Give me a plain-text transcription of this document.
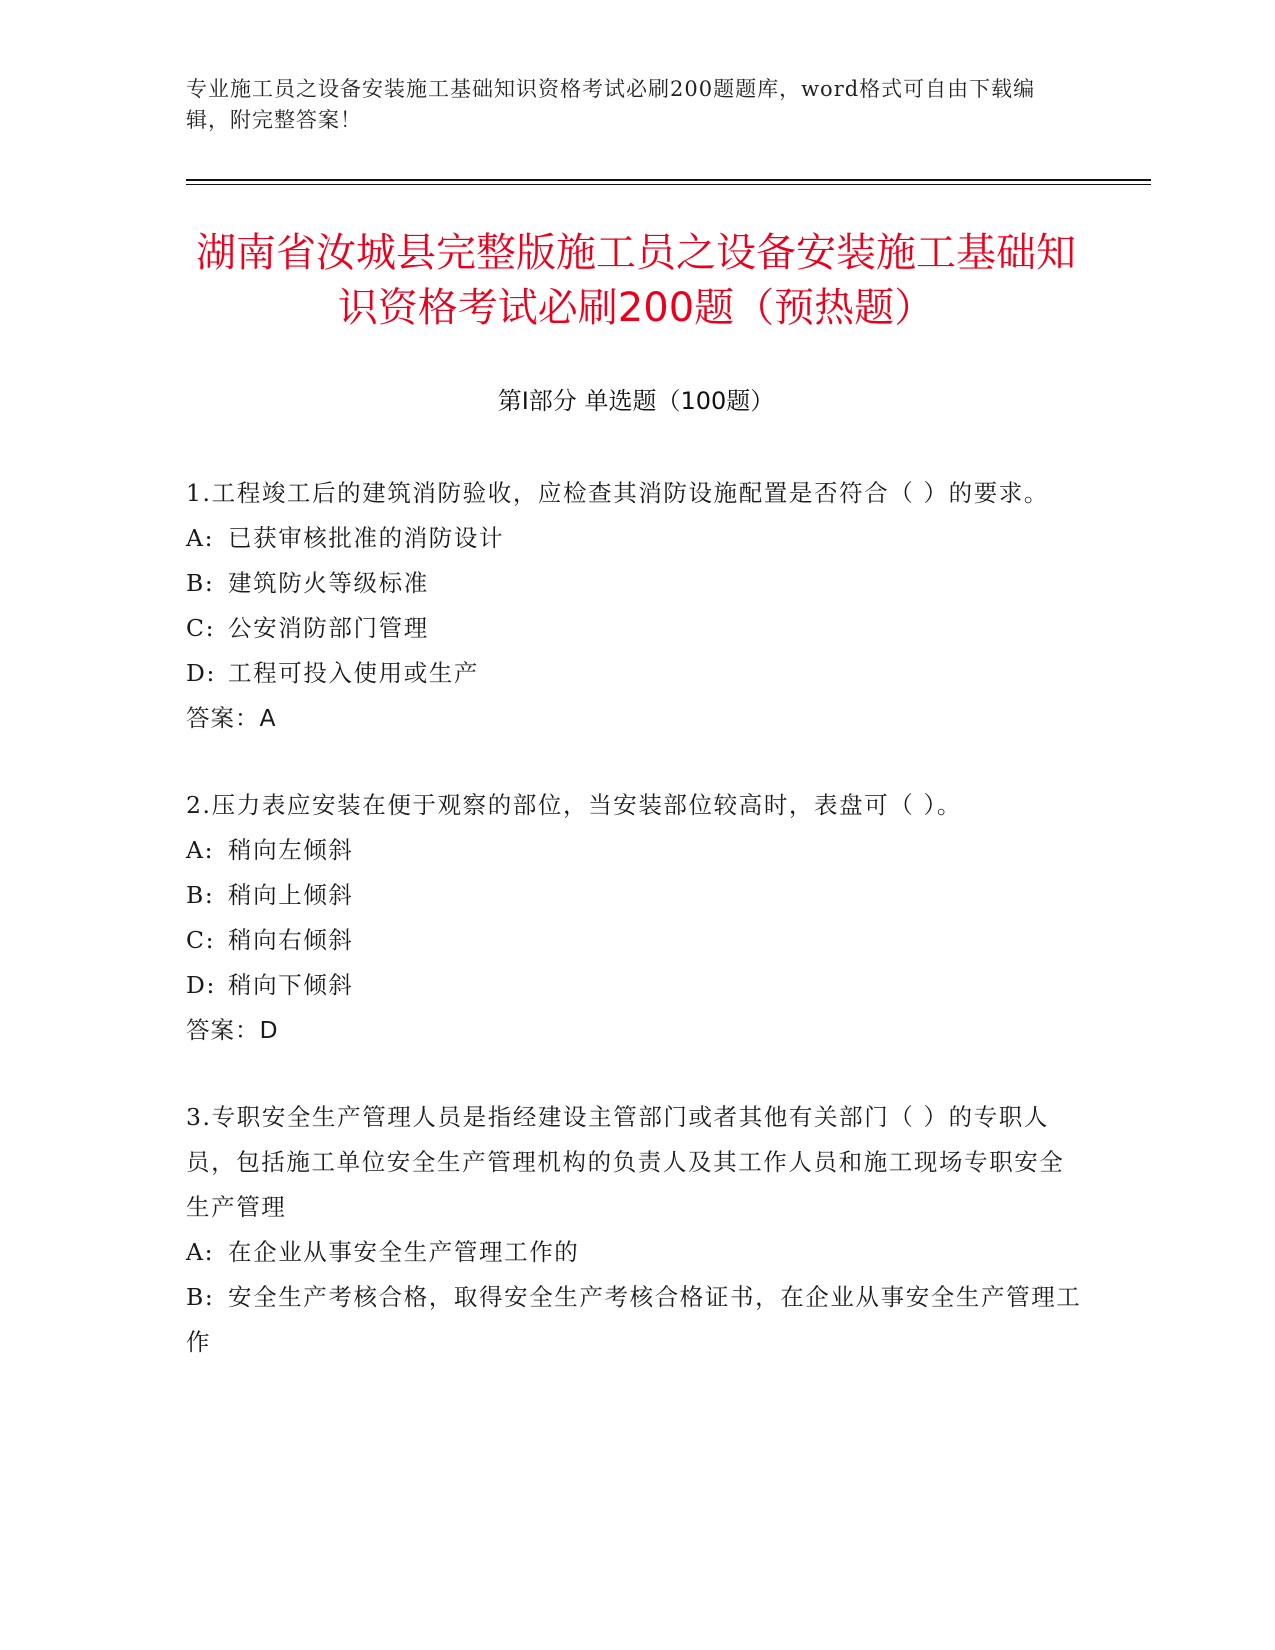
专业施工员之设备安装施工基础知识资格考试必刷200题题库，word格式可自由下载编辑，附完整答案！
湖南省汝城县完整版施工员之设备安装施工基础知识资格考试必刷200题（预热题）
第Ⅰ部分 单选题（100题）
1.工程竣工后的建筑消防验收，应检查其消防设施配置是否符合（ ）的要求。
A: 已获审核批准的消防设计
B: 建筑防火等级标准
C: 公安消防部门管理
D: 工程可投入使用或生产
答案：A
2.压力表应安装在便于观察的部位，当安装部位较高时，表盘可（ ）。
A: 稍向左倾斜
B: 稍向上倾斜
C: 稍向右倾斜
D: 稍向下倾斜
答案：D
3.专职安全生产管理人员是指经建设主管部门或者其他有关部门（ ）的专职人员，包括施工单位安全生产管理机构的负责人及其工作人员和施工现场专职安全生产管理
A: 在企业从事安全生产管理工作的
B: 安全生产考核合格，取得安全生产考核合格证书，在企业从事安全生产管理工作
